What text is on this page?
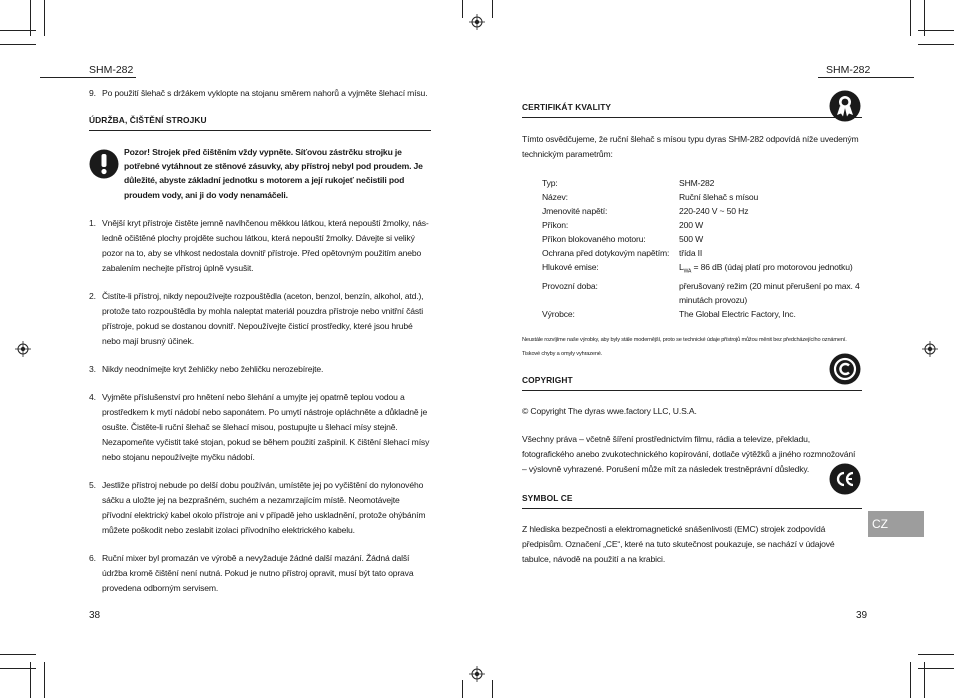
SHM-282
9. Po použití šlehač s držákem vyklopte na stojanu směrem nahorů a vyjměte šlehací mísu.
ÚDRŽBA, ČIŠTĚNÍ STROJKU
Pozor! Strojek před čištěním vždy vypněte. Síťovou zástrčku strojku je potřebné vytáhnout ze stěnové zásuvky, aby přístroj nebyl pod proudem. Je důležité, abyste základní jednotku s motorem a její rukojeť nečistili pod proudem vody, ani ji do vody nenamáčeli.
1. Vnější kryt přístroje čistěte jemně navlhčenou měkkou látkou, která nepouští žmolky, nás-ledně očištěné plochy projděte suchou látkou, která nepouští žmolky. Dávejte si veliký pozor na to, aby se vlhkost nedostala dovnitř přístroje. Před opětovným použitím anebo zabalením nechejte přístroj úplně vysušit.
2. Čistíte-li přístroj, nikdy nepoužívejte rozpouštědla (aceton, benzol, benzín, alkohol, atd.), protože tato rozpouštědla by mohla naleptat materiál pouzdra přístroje nebo vnitřní části přístroje, pokud se dostanou dovnitř. Nepoužívejte čisticí prostředky, které jsou hrubé nebo mají brusný účinek.
3. Nikdy neodnímejte kryt žehličky nebo žehličku nerozebírejte.
4. Vyjměte příslušenství pro hnětení nebo šlehání a umyjte jej opatrně teplou vodou a prostředkem k mytí nádobí nebo saponátem. Po umytí nástroje opláchněte a důkladně je osušte. Čistěte-li ruční šlehač se šlehací misou, postupujte u šlehací mísy stejně. Nezapomeňte vyčistit také stojan, pokud se během použití zašpinil. K čištění šlehací mísy nebo stojanu nepoužívejte myčku nádobí.
5. Jestliže přístroj nebude po delší dobu používán, umístěte jej po vyčištění do nylonového sáčku a uložte jej na bezprašném, suchém a nezamrzajícím místě. Neomotávejte přívodní elektrický kabel okolo přístroje ani v případě jeho uskladnění, protože ohýbáním můžete poškodit nebo zeslabit izolaci přívodního elektrického kabelu.
6. Ruční mixer byl promazán ve výrobě a nevyžaduje žádné další mazání. Žádná další údržba kromě čištění není nutná. Pokud je nutno přístroj opravit, musí být tato oprava provedena odborným servisem.
38
SHM-282
CERTIFIKÁT KVALITY
Tímto osvědčujeme, že ruční šlehač s mísou typu dyras SHM-282 odpovídá níže uvedeným technickým parametrům:
Typ:	SHM-282
Název:	Ruční šlehač s mísou
Jmenovité napětí:	220-240 V ~ 50 Hz
Příkon:	200 W
Příkon blokovaného motoru:	500 W
Ochrana před dotykovým napětím:	třída II
Hlukové emise:	$L_{WA} = 86$ dB (údaj platí pro motorovou jednotku)
Provozní doba:	přerušovaný režim (20 minut přerušení po max. 4 minutách provozu)
Výrobce:	The Global Electric Factory, Inc.
Neustále rozvíjíme naše výrobky, aby byly stále modernější, proto se technické údaje přístrojů můžou měnit bez předcházejícího oznámení. Tiskové chyby a omyly vyhrazené.
COPYRIGHT
© Copyright The dyras wwe.factory LLC, U.S.A.
Všechny práva – včetně šíření prostřednictvím filmu, rádia a televize, překladu, fotografického anebo zvukotechnického kopírování, dotlače výtěžků a jiného rozmnožování – výslovně vyhrazené. Porušení může mít za následek trestněprávní důsledky.
SYMBOL CE
Z hlediska bezpečnosti a elektromagnetické snášenlivosti (EMC) strojek zodpovídá předpisům. Označení „CE“, které na tuto skutečnost poukazuje, se nachází v údajové tabulce, návodě na použití a na krabici.
CZ
39
